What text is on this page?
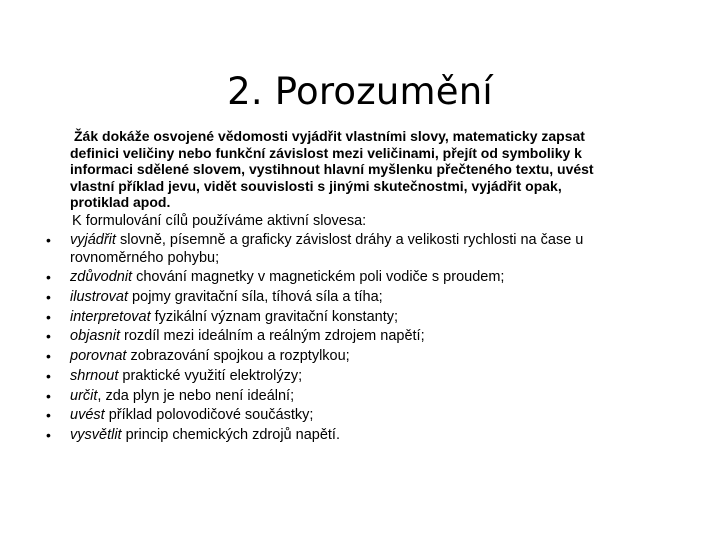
2. Porozumění

Žák dokáže osvojené vědomosti vyjádřit vlastními slovy, matematicky zapsat
definici veličiny nebo funkční závislost mezi veličinami, přejít od symboliky k
informaci sdělené slovem, vystihnout hlavní myšlenku přečteného textu, uvést
vlastní příklad jevu, vidět souvislosti s jinými skutečnostmi, vyjádřit opak,
protiklad apod.

K formulování cílů používáme aktivní slovesa:
•	vyjádřit slovně, písemně a graficky závislost dráhy a velikosti rychlosti na čase u rovnoměrného pohybu;
•	zdůvodnit chování magnetky v magnetickém poli vodiče s proudem;
•	ilustrovat pojmy gravitační síla, tíhová síla a tíha;
•	interpretovat fyzikální význam gravitační konstanty;
•	objasnit rozdíl mezi ideálním a reálným zdrojem napětí;
•	porovnat zobrazování spojkou a rozptylkou;
•	shrnout praktické využití elektrolýzy;
•	určit, zda plyn je nebo není ideální;
•	uvést příklad polovodičové součástky;
•	vysvětlit princip chemických zdrojů napětí.
